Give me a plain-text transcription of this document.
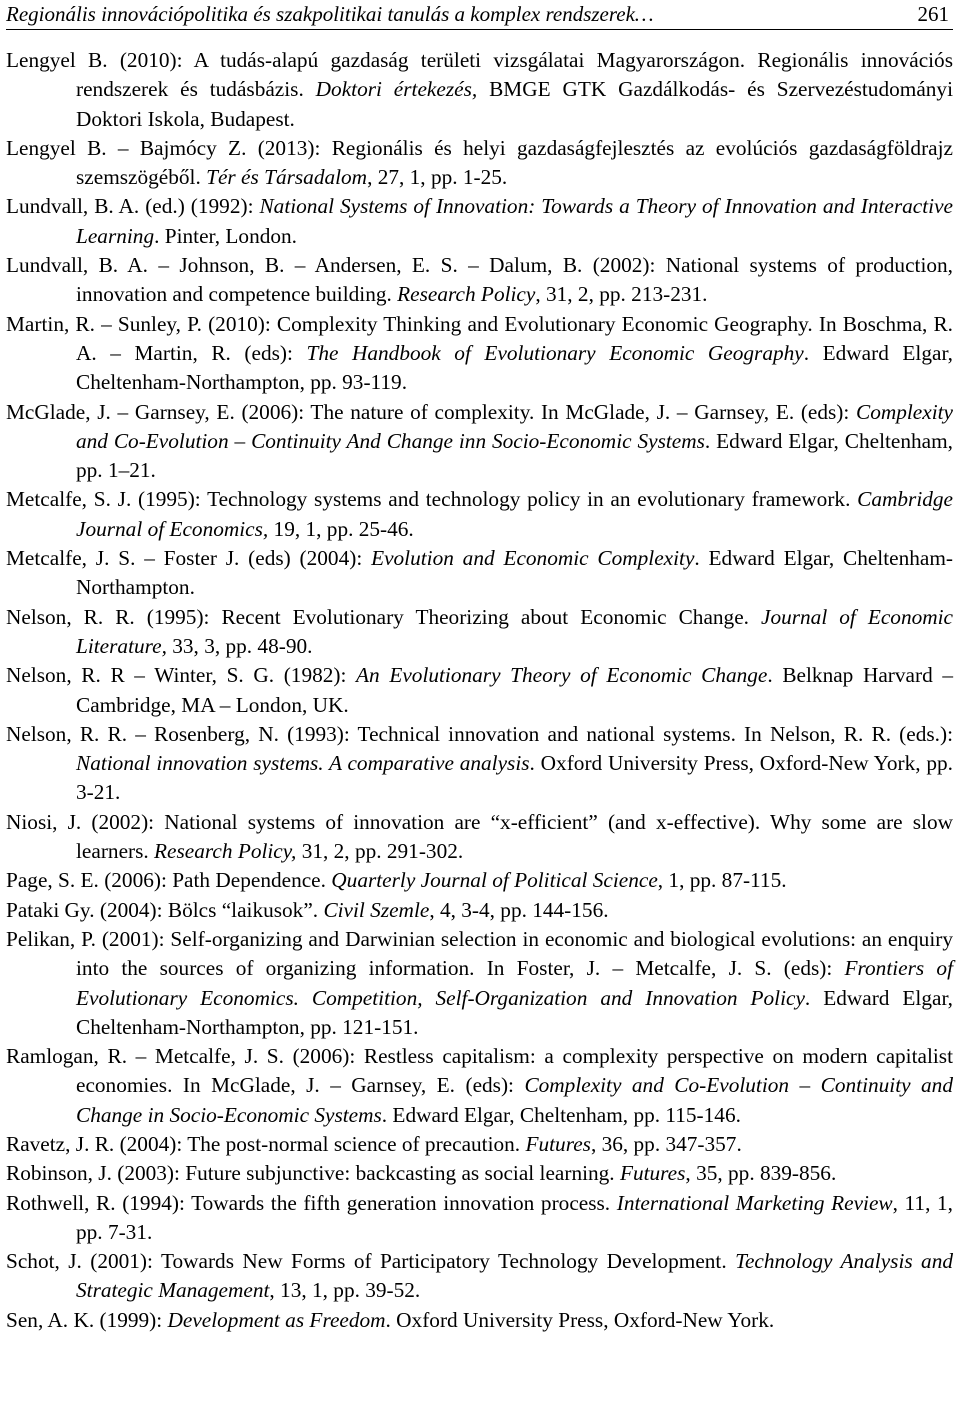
Regionális innovációpolitika és szakpolitikai tanulás a komplex rendszerek…	261

Lengyel B. (2010): A tudás-alapú gazdaság területi vizsgálatai Magyarországon. Regionális innovációs rendszerek és tudásbázis. Doktori értekezés, BMGE GTK Gazdálkodás- és Szervezéstudományi Doktori Iskola, Budapest.

Lengyel B. – Bajmócy Z. (2013): Regionális és helyi gazdaságfejlesztés az evolúciós gazdaságföldrajz szemszögéből. Tér és Társadalom, 27, 1, pp. 1-25.

Lundvall, B. A. (ed.) (1992): National Systems of Innovation: Towards a Theory of Innovation and Interactive Learning. Pinter, London.

Lundvall, B. A. – Johnson, B. – Andersen, E. S. – Dalum, B. (2002): National systems of production, innovation and competence building. Research Policy, 31, 2, pp. 213-231.

Martin, R. – Sunley, P. (2010): Complexity Thinking and Evolutionary Economic Geography. In Boschma, R. A. – Martin, R. (eds): The Handbook of Evolutionary Economic Geography. Edward Elgar, Cheltenham-Northampton, pp. 93-119.

McGlade, J. – Garnsey, E. (2006): The nature of complexity. In McGlade, J. – Garnsey, E. (eds): Complexity and Co-Evolution – Continuity And Change inn Socio-Economic Systems. Edward Elgar, Cheltenham, pp. 1–21.

Metcalfe, S. J. (1995): Technology systems and technology policy in an evolutionary framework. Cambridge Journal of Economics, 19, 1, pp. 25-46.

Metcalfe, J. S. – Foster J. (eds) (2004): Evolution and Economic Complexity. Edward Elgar, Cheltenham-Northampton.

Nelson, R. R. (1995): Recent Evolutionary Theorizing about Economic Change. Journal of Economic Literature, 33, 3, pp. 48-90.

Nelson, R. R – Winter, S. G. (1982): An Evolutionary Theory of Economic Change. Belknap Harvard – Cambridge, MA – London, UK.

Nelson, R. R. – Rosenberg, N. (1993): Technical innovation and national systems. In Nelson, R. R. (eds.): National innovation systems. A comparative analysis. Oxford University Press, Oxford-New York, pp. 3-21.

Niosi, J. (2002): National systems of innovation are “x-efficient” (and x-effective). Why some are slow learners. Research Policy, 31, 2, pp. 291-302.

Page, S. E. (2006): Path Dependence. Quarterly Journal of Political Science, 1, pp. 87-115.

Pataki Gy. (2004): Bölcs “laikusok”. Civil Szemle, 4, 3-4, pp. 144-156.

Pelikan, P. (2001): Self-organizing and Darwinian selection in economic and biological evolutions: an enquiry into the sources of organizing information. In Foster, J. – Metcalfe, J. S. (eds): Frontiers of Evolutionary Economics. Competition, Self-Organization and Innovation Policy. Edward Elgar, Cheltenham-Northampton, pp. 121-151.

Ramlogan, R. – Metcalfe, J. S. (2006): Restless capitalism: a complexity perspective on modern capitalist economies. In McGlade, J. – Garnsey, E. (eds): Complexity and Co-Evolution – Continuity and Change in Socio-Economic Systems. Edward Elgar, Cheltenham, pp. 115-146.

Ravetz, J. R. (2004): The post-normal science of precaution. Futures, 36, pp. 347-357.

Robinson, J. (2003): Future subjunctive: backcasting as social learning. Futures, 35, pp. 839-856.

Rothwell, R. (1994): Towards the fifth generation innovation process. International Marketing Review, 11, 1, pp. 7-31.

Schot, J. (2001): Towards New Forms of Participatory Technology Development. Technology Analysis and Strategic Management, 13, 1, pp. 39-52.

Sen, A. K. (1999): Development as Freedom. Oxford University Press, Oxford-New York.
